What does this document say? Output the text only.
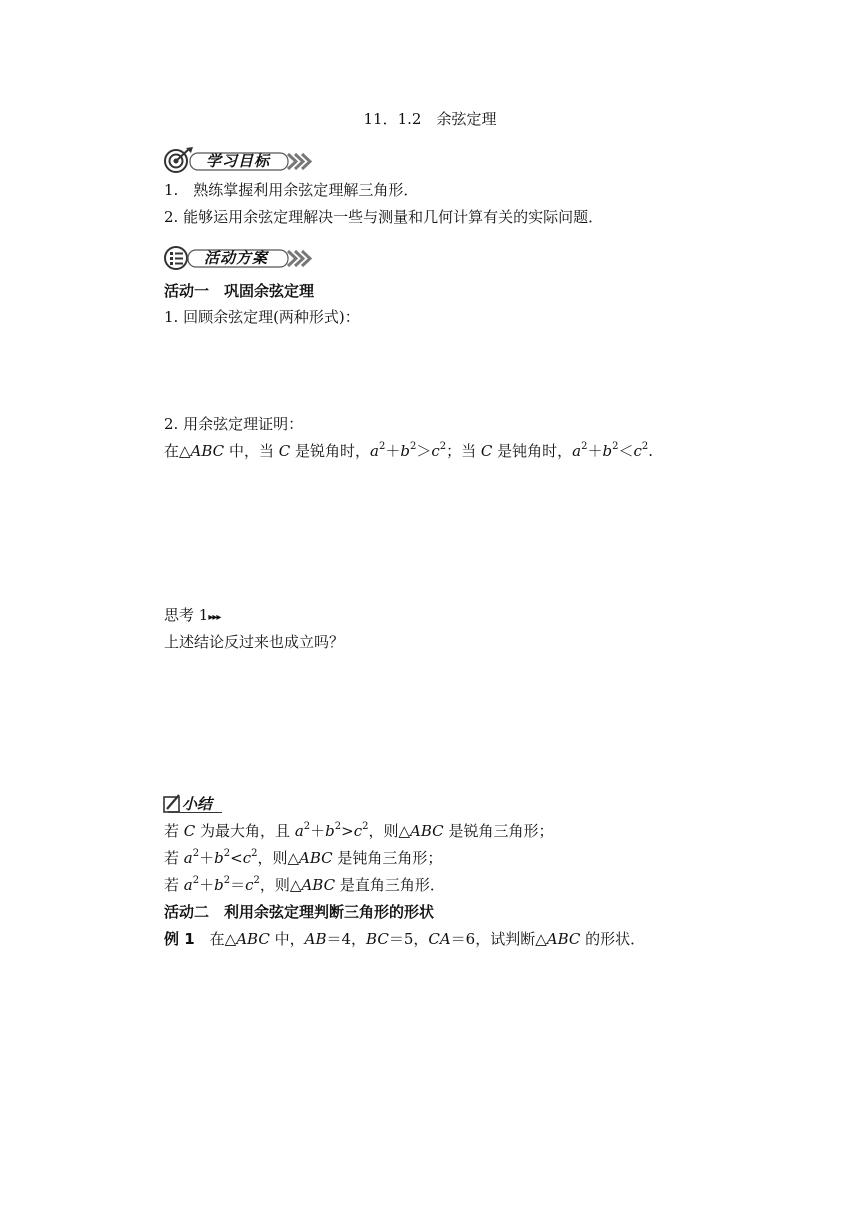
11．1.2　余弦定理
学习目标
1.　熟练掌握利用余弦定理解三角形．
2. 能够运用余弦定理解决一些与测量和几何计算有关的实际问题．
活动方案
活动一　巩固余弦定理
1. 回顾余弦定理(两种形式)：
2. 用余弦定理证明：
在△ABC 中，当 C 是锐角时，$a^2+b^2>c^2$；当 C 是钝角时，$a^2+b^2<c^2$.
思考 1▸▸▸
上述结论反过来也成立吗？
小结
若 C 为最大角，且 $a^2+b^2>c^2$，则△ABC 是锐角三角形；
若 $a^2+b^2<c^2$，则△ABC 是钝角三角形；
若 $a^2+b^2=c^2$，则△ABC 是直角三角形．
活动二　利用余弦定理判断三角形的形状
例 1　在△ABC 中，AB＝4，BC＝5，CA＝6，试判断△ABC 的形状．
